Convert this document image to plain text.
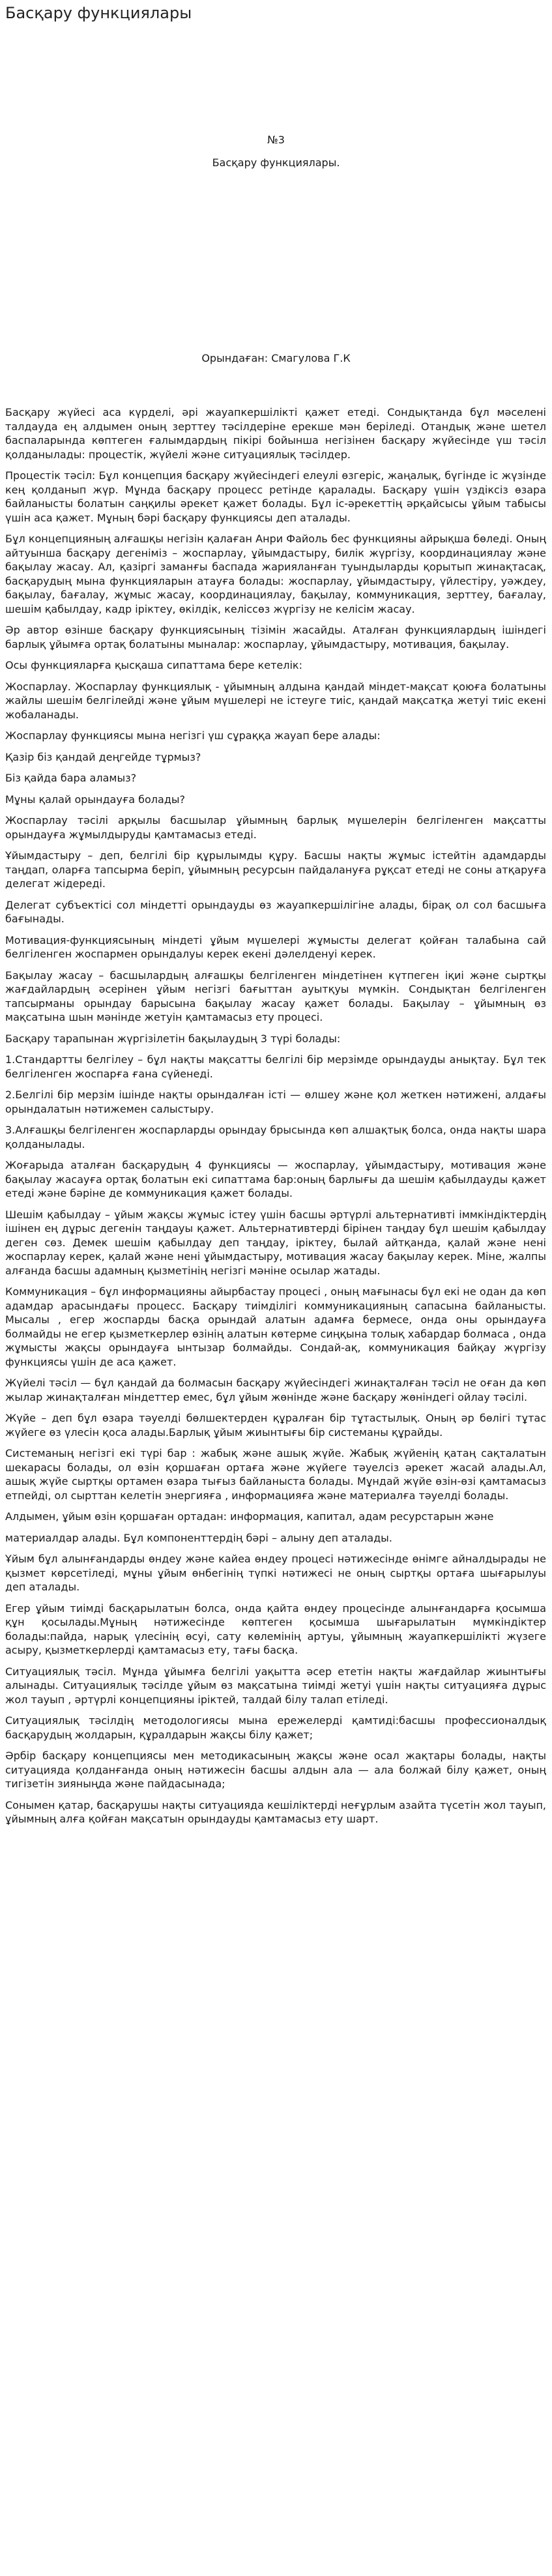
Басқару функциялары
№3
Басқару функциялары.
Орындаған: Смагулова Г.К

Басқару жүйесі аса күрделі, әрі жауапкершілікті қажет етеді. Сондықтанда бұл мәселені талдауда ең алдымен оның зерттеу тәсілдеріне ерекше мән беріледі. Отандық және шетел баспаларында көптеген ғалымдардың пікірі бойынша негізінен басқару жүйесінде үш тәсіл қолданылады: процестік, жүйелі және ситуациялық тәсілдер.

Процестік тәсіл: Бұл концепция басқару жүйесіндегі елеулі өзгеріс, жаңалық, бүгінде іс жүзінде кең қолданып жүр. Мұнда басқару процесс ретінде қаралады. Басқару үшін үздіксіз өзара байланысты болатын саңқилы әрекет қажет болады. Бұл іс-әрекеттің әрқайсысы ұйым табысы үшін аса қажет. Мұның бәрі басқару функциясы деп аталады.

Бұл концепцияның алғашқы негізін қалаған Анри Файоль бес функцияны айрықша бөледі. Оның айтуынша басқару дегеніміз – жоспарлау, ұйымдастыру, билік жүргізу, координациялау және бақылау жасау. Ал, қазіргі заманғы баспада жарияланған туындыларды қорытып жинақтасақ, басқарудың мына функцияларын атауға болады: жоспарлау, ұйымдастыру, үйлестіру, уәждеу, бақылау, бағалау, жұмыс жасау, координациялау, бақылау, коммуникация, зерттеу, бағалау, шешім қабылдау, кадр іріктеу, өкілдік, келісcөз жүргізу не келісім жасау.

Әр автор өзінше басқару функциясының тізімін жасайды. Аталған функциялардың ішіндегі барлық ұйымға ортақ болатыны мыналар: жоспарлау, ұйымдастыру, мотивация, бақылау.

Осы функцияларға қысқаша сипаттама бере кетелік:

Жоспарлау. Жоспарлау функциялық - ұйымның алдына қандай міндет-мақсат қоюға болатыны жайлы шешім белгілейді және ұйым мүшелері не істеуге тиіс, қандай мақсатқа жетуі тиіс екені жобаланады.

Жоспарлау функциясы мына негізгі үш сұраққа жауап бере алады:

Қазір біз қандай деңгейде тұрмыз?

Біз қайда бара аламыз?

Мұны қалай орындауға болады?

Жоспарлау тәсілі арқылы басшылар ұйымның барлық мүшелерін белгіленген мақсатты орындауға жұмылдыруды қамтамасыз етеді.

Ұйымдастыру – деп, белгілі бір құрылымды құру. Басшы нақты жұмыс істейтін адамдарды таңдап, оларға тапсырма беріп, ұйымның ресурсын пайдалануға рұқсат етеді не соны атқаруға делегат жідереді.

Делегат субъектісі сол міндетті орындауды өз жауапкершілігіне алады, бірақ ол сол басшыға бағынады.

Мотивация-функциясының міндеті ұйым мүшелері жұмысты делегат қойған талабына сай белгіленген жоспармен орындалуы керек екені дәлелденуі керек.

Бақылау жасау – басшылардың алғашқы белгіленген міндетінен күтпеген іқиі және сыртқы жағдайлардың әсерінен ұйым негізгі бағыттан ауытқуы мүмкін. Сондықтан белгіленген тапсырманы орындау барысына бақылау жасау қажет болады. Бақылау – ұйымның өз мақсатына шын мәнінде жетуін қамтамасыз ету процесі.

Басқару тарапынан жүргізілетін бақылаудың 3 түрі болады:

1.Стандартты белгілеу – бұл нақты мақсатты белгілі бір мерзімде орындауды анықтау. Бұл тек белгіленген жоспарға ғана сүйенеді.

2.Белгілі бір мерзім ішінде нақты орындалған істі — өлшеу және қол жеткен нәтижені, алдағы орындалатын нәтижемен салыстыру.

3.Алғашқы белгіленген жоспарларды орындау брысында көп алшақтық болса, онда нақты шара қолданылады.

Жоғарыда аталған басқарудың 4 функциясы — жоспарлау, ұйымдастыру, мотивация және бақылау жасауға ортақ болатын екі сипаттама бар:оның барлығы да шешім қабылдауды қажет етеді және бәріне де коммуникация қажет болады.

Шешім қабылдау – ұйым жақсы жұмыс істеу үшін басшы әртүрлі альтернативті іммкіндіктердің ішінен ең дұрыс дегенін таңдауы қажет. Альтернативтерді бірінен таңдау бұл шешім қабылдау деген сөз. Демек шешім қабылдау деп таңдау, іріктеу, былай айтқанда, қалай және нені жоспарлау керек, қалай және нені ұйымдастыру, мотивация жасау бақылау керек. Міне, жалпы алғанда басшы адамның қызметінің негізгі мәніне осылар жатады.

Коммуникация – бұл информацияны айырбастау процесі , оның мағынасы бұл екі не одан да көп адамдар арасындағы процесс. Басқару тиімділігі коммуникацияның сапасына байланысты. Мысалы , егер жоспарды басқа орындай алатын адамға бермесе, онда оны орындауға болмайды не егер қызметкерлер өзінің алатын көтерме сиңқына толық хабардар болмаса , онда жұмысты жақсы орындауға ынтызар болмайды. Сондай-ақ, коммуникация байқау жүргізу функциясы үшін де аса қажет.

Жүйелі тәсіл — бұл қандай да болмасын басқару жүйесіндегі жинақталған тәсіл не оған да көп жылар жинақталған міндеттер емес, бұл ұйым жөнінде және басқару жөніндегі ойлау тәсілі.

Жүйе – деп бұл өзара тәуелді бөлшектерден құралған бір тұтастылық. Оның әр бөлігі тұтас жүйеге өз үлесін қоса алады.Барлық ұйым жиынтығы бір системаны құрайды.

Системаның негізгі екі түрі бар : жабық және ашық жүйе. Жабық жүйенің қатаң сақталатын шекарасы болады, ол өзін қоршаған ортаға және жүйеге тәуелсіз әрекет жасай алады.Ал, ашық жүйе сыртқы ортамен өзара тығыз байланыста болады. Мұндай жүйе өзін-өзі қамтамасыз етпейді, ол сырттан келетін энергияға , информацияға және материалға тәуелді болады.

Алдымен, ұйым өзін қоршаған ортадан: информация, капитал, адам ресурстарын және

материалдар алады. Бұл компоненттердің бәрі – алыну деп аталады.

Ұйым бұл алынғандарды өндеу және кайеа өндеу процесі нәтижесінде өнімге айналдырады не қызмет көрсетіледі, мұны ұйым өнбегінің түпкі нәтижесі не оның сыртқы ортаға шығарылуы деп аталады.

Егер ұйым тиімді басқарылатын болса, онда қайта өндеу процесінде алынғандарға қосымша құн қосылады.Мұның нәтижесінде көптеген қосымша шығарылатын мүмкіндіктер болады:пайда, нарық үлесінің өсуі, сату көлемінің артуы, ұйымның жауапкершілікті жүзеге асыру, қызметкерлерді қамтамасыз ету, тағы басқа.

Ситуациялық тәсіл. Мұнда ұйымға белгілі уақытта әсер ететін нақты жағдайлар жиынтығы алынады. Ситуациялық тәсілде ұйым өз мақсатына тиімді жетуі үшін нақты ситуацияға дұрыс жол тауып , әртүрлі концепцияны іріктей, талдай білу талап етіледі.

Ситуациялық тәсілдің методологиясы мына ережелерді қамтиді:басшы профессионалдық басқарудың жолдарын, құралдарын жақсы білу қажет;

Әрбір басқару концепциясы мен методикасының жақсы және осал жақтары болады, нақты ситуацияда қолданғанда оның нәтижесін басшы алдын ала — ала болжай білу қажет, оның тигізетін зияныңда және пайдасынада;

Сонымен қатар, басқарушы нақты ситуацияда кешілiктерді неғұрлым азайта түсетін жол тауып, ұйымның алға қойған мақсатын орындауды қамтамасыз ету шарт.
